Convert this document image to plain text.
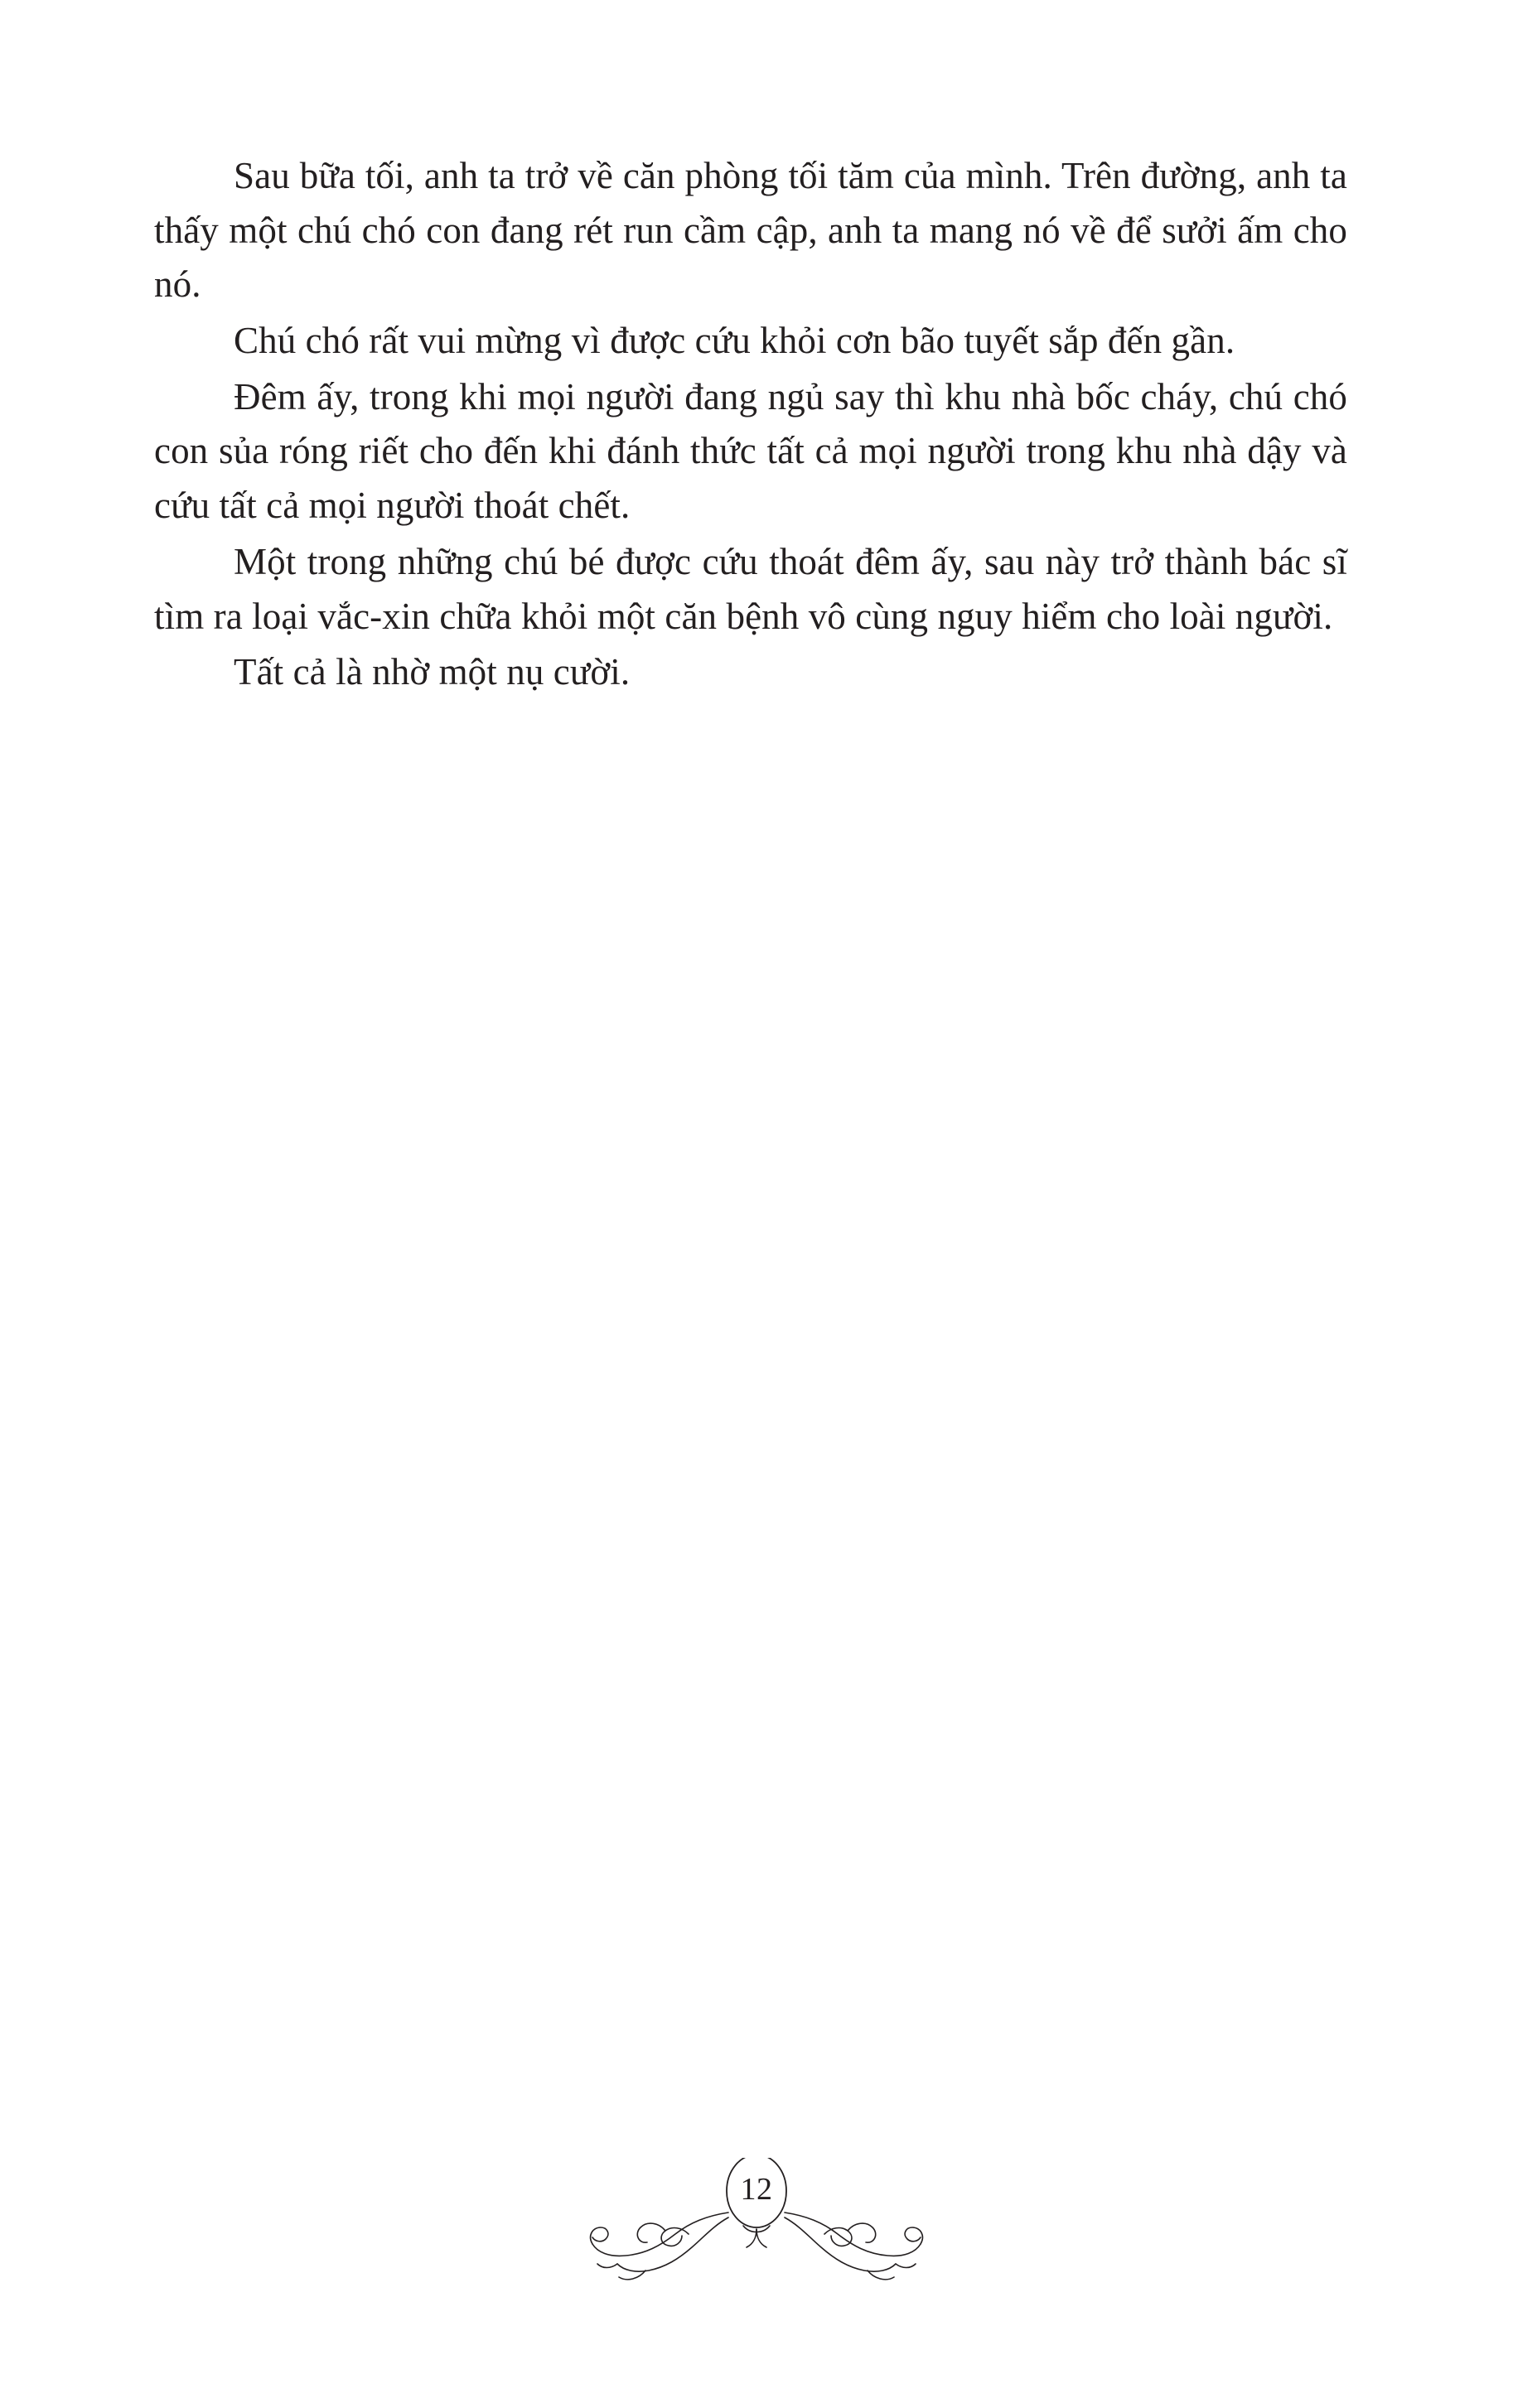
Sau bữa tối, anh ta trở về căn phòng tối tăm của mình. Trên đường, anh ta thấy một chú chó con đang rét run cầm cập, anh ta mang nó về để sưởi ấm cho nó.

Chú chó rất vui mừng vì được cứu khỏi cơn bão tuyết sắp đến gần.

Đêm ấy, trong khi mọi người đang ngủ say thì khu nhà bốc cháy, chú chó con sủa róng riết cho đến khi đánh thức tất cả mọi người trong khu nhà dậy và cứu tất cả mọi người thoát chết.

Một trong những chú bé được cứu thoát đêm ấy, sau này trở thành bác sĩ tìm ra loại vắc-xin chữa khỏi một căn bệnh vô cùng nguy hiểm cho loài người.

Tất cả là nhờ một nụ cười.

12
